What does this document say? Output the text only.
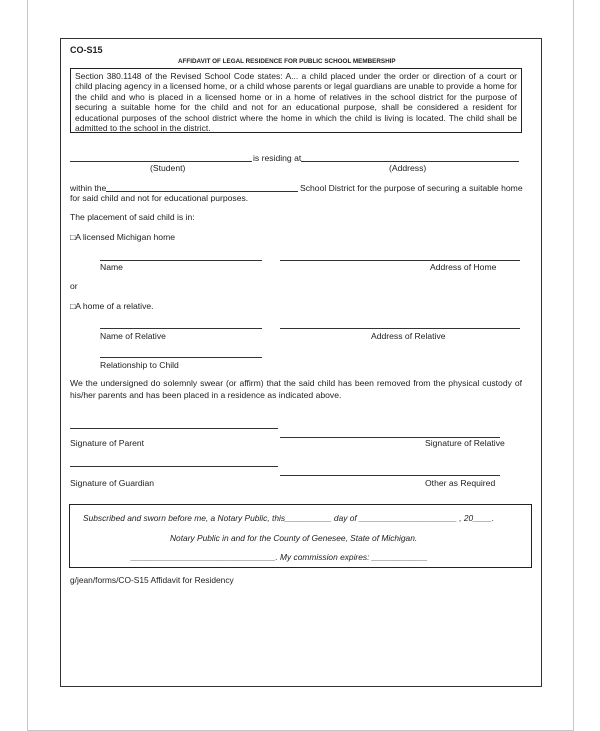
CO-S15
AFFIDAVIT OF LEGAL RESIDENCE FOR PUBLIC SCHOOL MEMBERSHIP

Section 380.1148 of the Revised School Code states: A... a child placed under the order or direction of a court or child placing agency in a licensed home, or a child whose parents or legal guardians are unable to provide a home for the child and who is placed in a licensed home or in a home of relatives in the school district for the purpose of securing a suitable home for the child and not for an educational purpose, shall be considered a resident for educational purposes of the school district where the home in which the child is living is located. The child shall be admitted to the school in the district.

is residing at
(Student)	(Address)
within the	School District for the purpose of securing a suitable home
for said child and not for educational purposes.
The placement of said child is in:
□A licensed Michigan home
Name	Address of Home
or
□A home of a relative.
Name of Relative	Address of Relative
Relationship to Child
We the undersigned do solemnly swear (or affirm) that the said child has been removed from the physical custody of his/her parents and has been placed in a residence as indicated above.
Signature of Parent	Signature of Relative
Signature of Guardian	Other as Required
Subscribed and sworn before me, a Notary Public, this__________ day of _____________________ , 20____.
Notary Public in and for the County of Genesee, State of Michigan.
_______________________________. My commission expires: ____________
g/jean/forms/CO-S15 Affidavit for Residency
